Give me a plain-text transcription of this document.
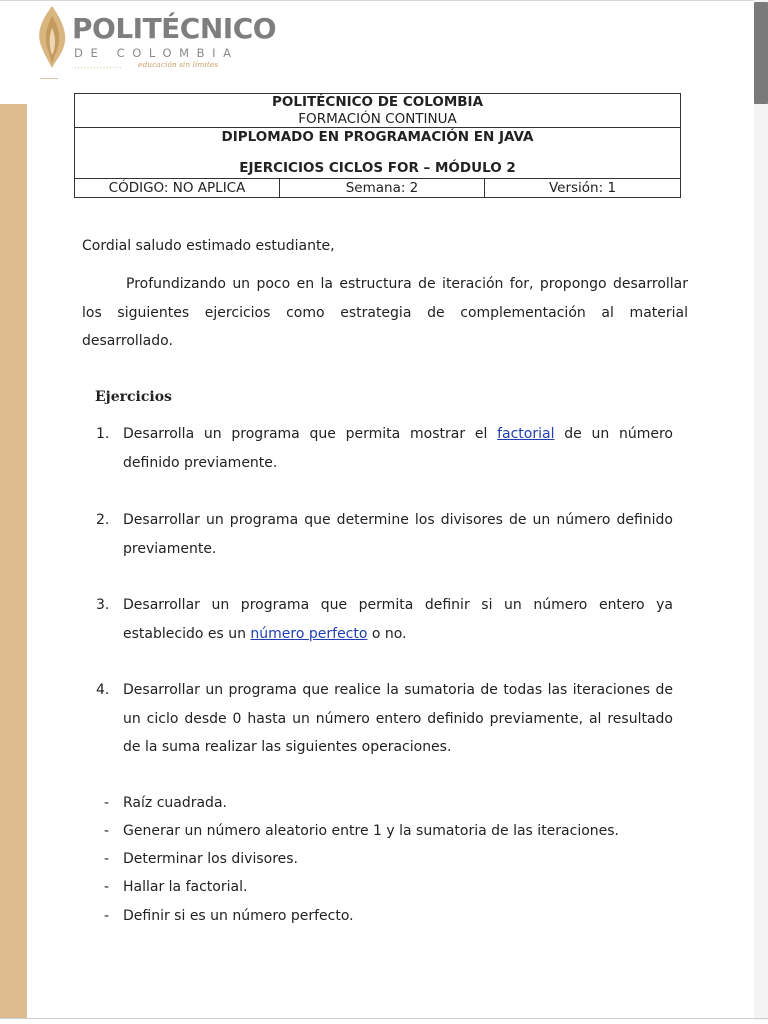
POLITÉCNICO
DE COLOMBIA
............... educación sin límites
POLITÉCNICO DE COLOMBIA
FORMACIÓN CONTINUA

DIPLOMADO EN PROGRAMACIÓN EN JAVA
EJERCICIOS CICLOS FOR – MÓDULO 2

CÓDIGO: NO APLICA	Semana: 2	Versión: 1
Cordial saludo estimado estudiante,
Profundizando un poco en la estructura de iteración for, propongo desarrollar los siguientes ejercicios como estrategia de complementación al material desarrollado.
Ejercicios
1. Desarrolla un programa que permita mostrar el factorial de un número definido previamente.
2. Desarrollar un programa que determine los divisores de un número definido previamente.
3. Desarrollar un programa que permita definir si un número entero ya establecido es un número perfecto o no.
4. Desarrollar un programa que realice la sumatoria de todas las iteraciones de un ciclo desde 0 hasta un número entero definido previamente, al resultado de la suma realizar las siguientes operaciones.
- Raíz cuadrada.
- Generar un número aleatorio entre 1 y la sumatoria de las iteraciones.
- Determinar los divisores.
- Hallar la factorial.
- Definir si es un número perfecto.
